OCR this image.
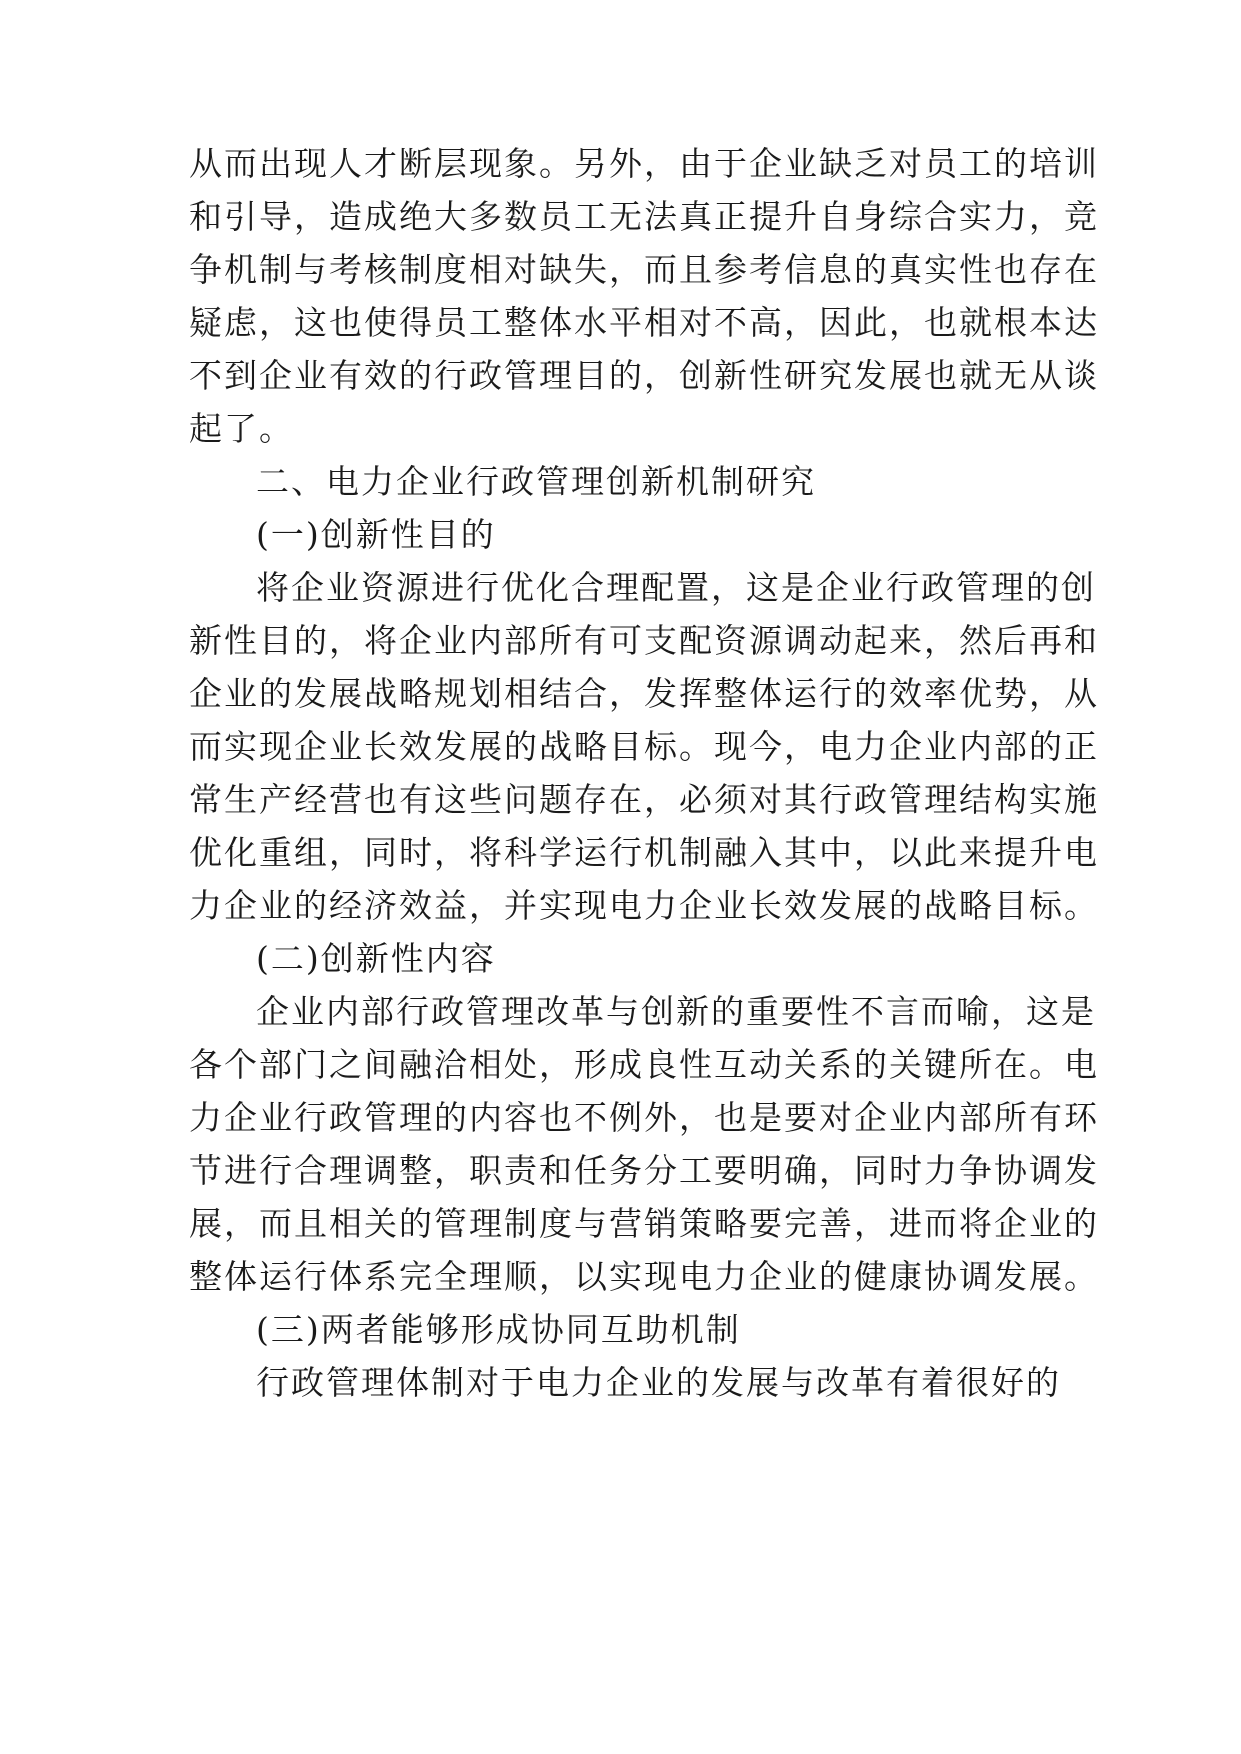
从而出现人才断层现象。另外，由于企业缺乏对员工的培训
和引导，造成绝大多数员工无法真正提升自身综合实力，竞
争机制与考核制度相对缺失，而且参考信息的真实性也存在
疑虑，这也使得员工整体水平相对不高，因此，也就根本达
不到企业有效的行政管理目的，创新性研究发展也就无从谈
起了。
二、电力企业行政管理创新机制研究
(一)创新性目的
将企业资源进行优化合理配置，这是企业行政管理的创
新性目的，将企业内部所有可支配资源调动起来，然后再和
企业的发展战略规划相结合，发挥整体运行的效率优势，从
而实现企业长效发展的战略目标。现今，电力企业内部的正
常生产经营也有这些问题存在，必须对其行政管理结构实施
优化重组，同时，将科学运行机制融入其中，以此来提升电
力企业的经济效益，并实现电力企业长效发展的战略目标。
(二)创新性内容
企业内部行政管理改革与创新的重要性不言而喻，这是
各个部门之间融洽相处，形成良性互动关系的关键所在。电
力企业行政管理的内容也不例外，也是要对企业内部所有环
节进行合理调整，职责和任务分工要明确，同时力争协调发
展，而且相关的管理制度与营销策略要完善，进而将企业的
整体运行体系完全理顺，以实现电力企业的健康协调发展。
(三)两者能够形成协同互助机制
行政管理体制对于电力企业的发展与改革有着很好的
